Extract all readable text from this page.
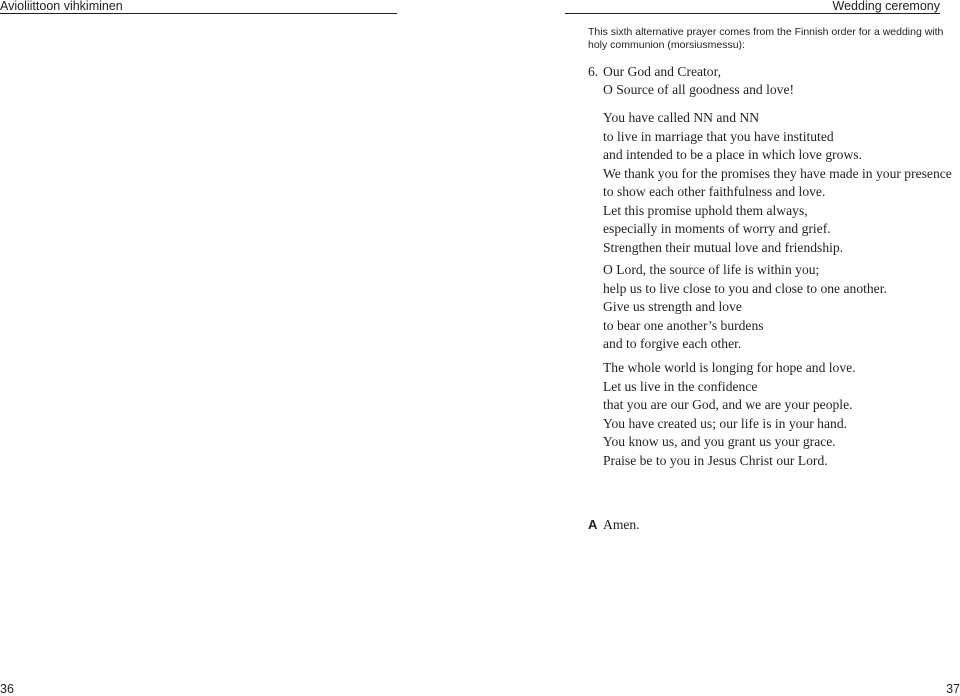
Avioliittoon vihkiminen
36
Wedding ceremony
This sixth alternative prayer comes from the Finnish order for a wedding with holy communion (morsiusmessu):
6. Our God and Creator,
O Source of all goodness and love!
You have called NN and NN
to live in marriage that you have instituted
and intended to be a place in which love grows.
We thank you for the promises they have made in your presence
to show each other faithfulness and love.
Let this promise uphold them always,
especially in moments of worry and grief.
Strengthen their mutual love and friendship.
O Lord, the source of life is within you;
help us to live close to you and close to one another.
Give us strength and love
to bear one another’s burdens
and to forgive each other.
The whole world is longing for hope and love.
Let us live in the confidence
that you are our God, and we are your people.
You have created us; our life is in your hand.
You know us, and you grant us your grace.
Praise be to you in Jesus Christ our Lord.
A Amen.
37
